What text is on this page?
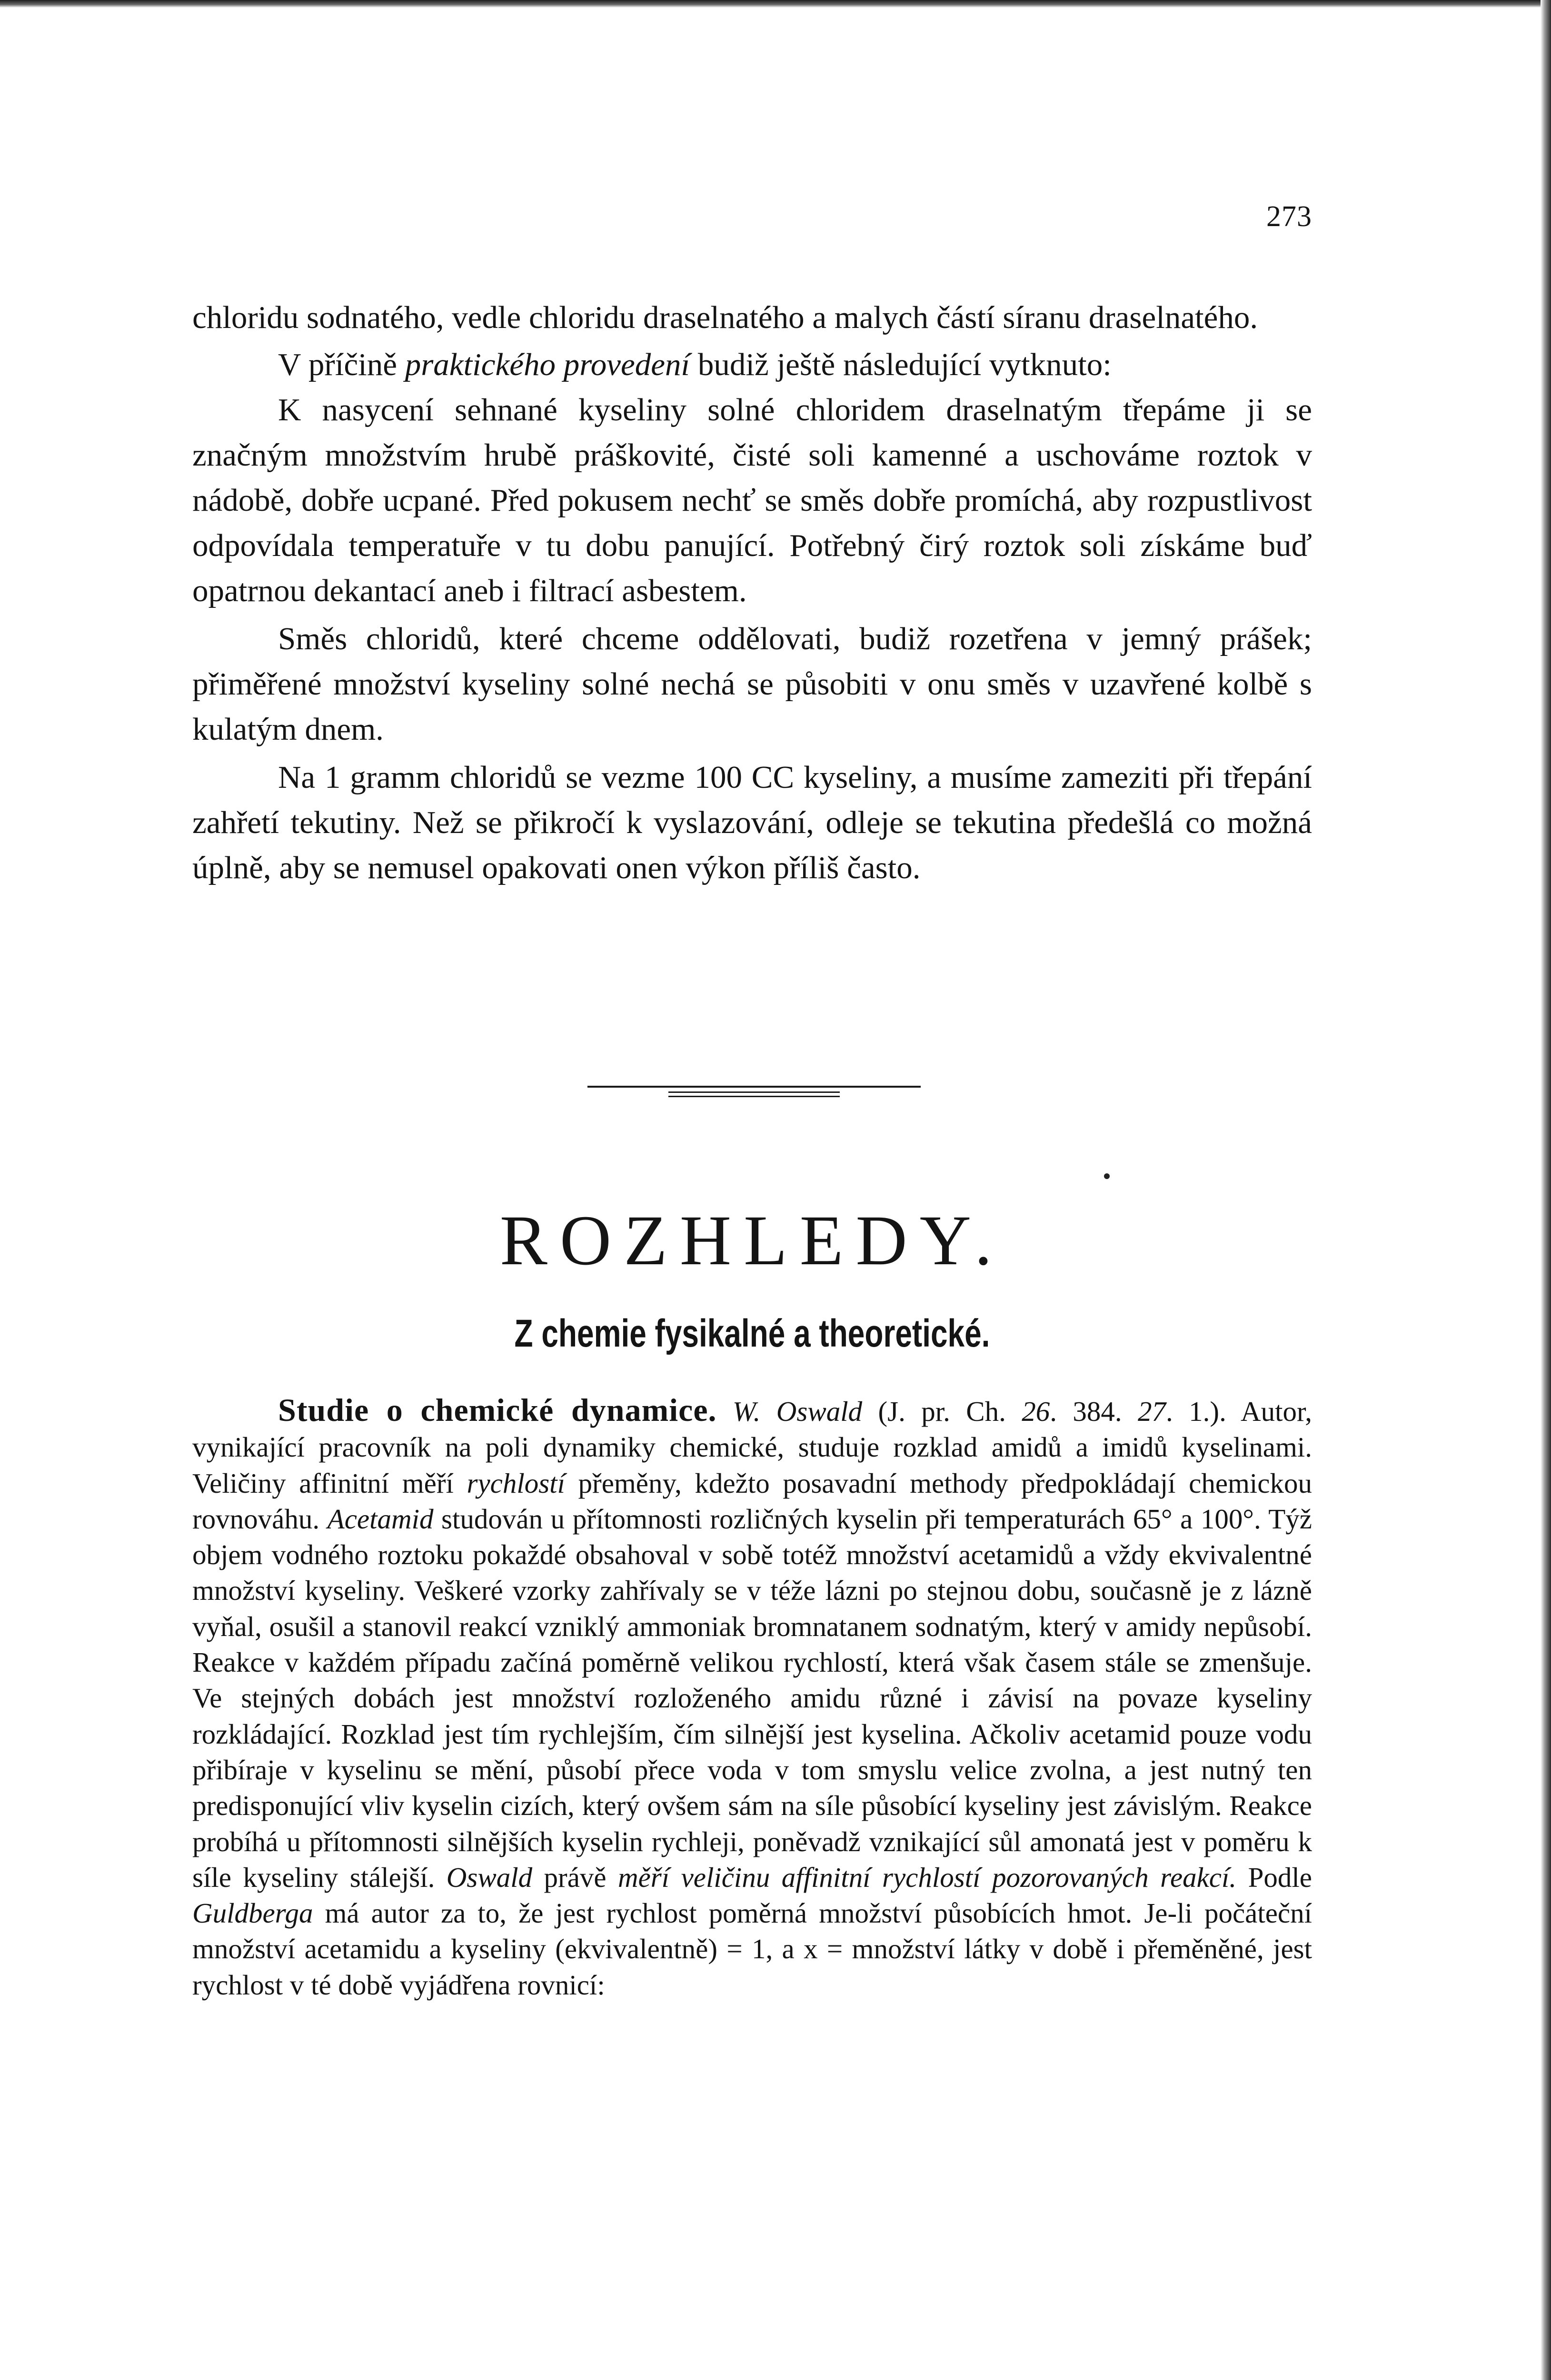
273

chloridu sodnatého, vedle chloridu draselnatého a malych částí síranu draselnatého.

V příčině praktického provedení budiž ještě následující vytknuto:

K nasycení sehnané kyseliny solné chloridem draselnatým třepáme ji se značným množstvím hrubě práškovité, čisté soli kamenné a uschováme roztok v nádobě, dobře ucpané. Před pokusem nechť se směs dobře promíchá, aby rozpustlivost odpovídala temperatuře v tu dobu panující. Potřebný čirý roztok soli získáme buď opatrnou dekantací aneb i filtrací asbestem.

Směs chloridů, které chceme oddělovati, budiž rozetřena v jemný prášek; přiměřené množství kyseliny solné nechá se působiti v onu směs v uzavřené kolbě s kulatým dnem.

Na 1 gramm chloridů se vezme 100 CC kyseliny, a musíme zameziti při třepání zahřetí tekutiny. Než se přikročí k vyslazování, odleje se tekutina předešlá co možná úplně, aby se nemusel opakovati onen výkon příliš často.

ROZHLEDY.
Z chemie fysikalné a theoretické.

Studie o chemické dynamice. W. Oswald (J. pr. Ch. 26. 384. 27. 1.). Autor, vynikající pracovník na poli dynamiky chemické, studuje rozklad amidů a imidů kyselinami. Veličiny affinitní měří rychlostí přeměny, kdežto posavadní methody předpokládají chemickou rovnováhu. Acetamid studován u přítomnosti rozličných kyselin při temperaturách 65° a 100°. Týž objem vodného roztoku pokaždé obsahoval v sobě totéž množství acetamidů a vždy ekvivalentné množství kyseliny. Veškeré vzorky zahřívaly se v téže lázni po stejnou dobu, současně je z lázně vyňal, osušil a stanovil reakcí vzniklý ammoniak bromnatanem sodnatým, který v amidy nepůsobí. Reakce v každém případu začíná poměrně velikou rychlostí, která však časem stále se zmenšuje. Ve stejných dobách jest množství rozloženého amidu různé i závisí na povaze kyseliny rozkládající. Rozklad jest tím rychlejším, čím silnější jest kyselina. Ačkoliv acetamid pouze vodu přibíraje v kyselinu se mění, působí přece voda v tom smyslu velice zvolna, a jest nutný ten predisponující vliv kyselin cizích, který ovšem sám na síle působící kyseliny jest závislým. Reakce probíhá u přítomnosti silnějších kyselin rychleji, poněvadž vznikající sůl amonatá jest v poměru k síle kyseliny stálejší. Oswald právě měří veličinu affinitní rychlostí pozorovaných reakcí. Podle Guldberga má autor za to, že jest rychlost poměrná množství působících hmot. Je-li počáteční množství acetamidu a kyseliny (ekvivalentně) = 1, a x = množství látky v době i přeměněné, jest rychlost v té době vyjádřena rovnicí:
